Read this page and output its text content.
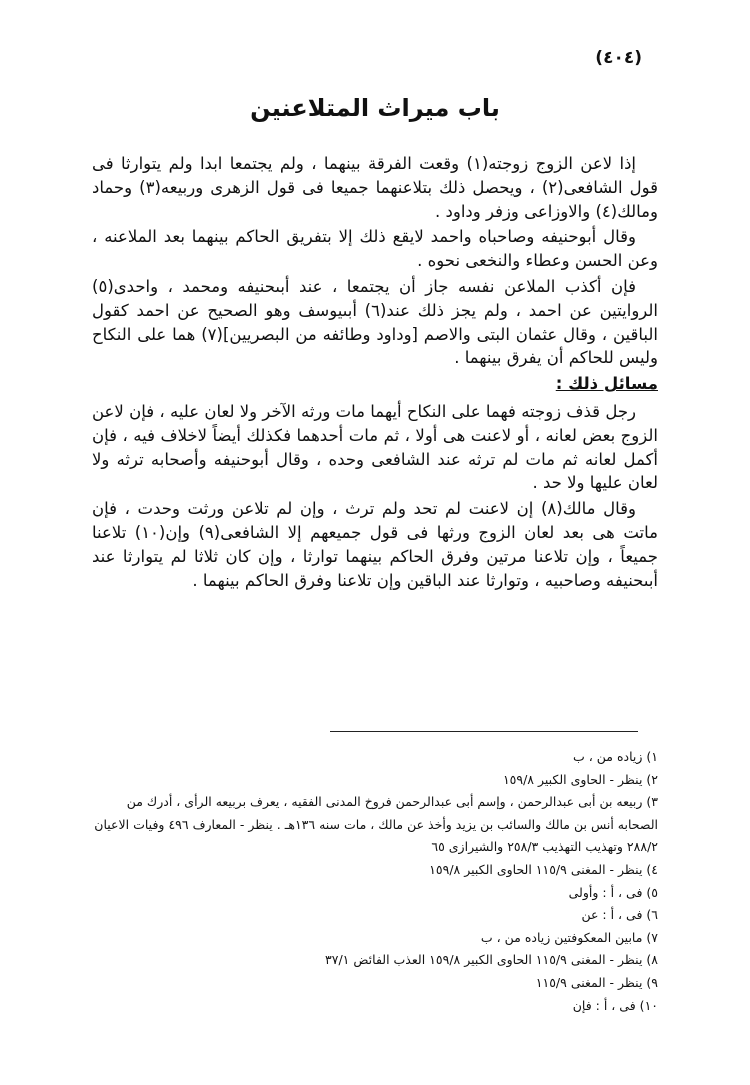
(٤٠٤)
باب ميراث المتلاعنين

إذا لاعن الزوج زوجته(١) وقعت الفرقة بينهما ، ولم يجتمعا ابدا ولم يتوارثا فى قول الشافعى(٢) ، ويحصل ذلك بتلاعنهما جميعا فى قول الزهرى وربيعه(٣) وحماد ومالك(٤) والاوزاعى وزفر وداود .

وقال أبوحنيفه وصاحباه واحمد لايقع ذلك إلا بتفريق الحاكم بينهما بعد الملاعنه ، وعن الحسن وعطاء والنخعى نحوه .

فإن أكذب الملاعن نفسه جاز أن يجتمعا ، عند أبىحنيفه ومحمد ، واحدى(٥) الروايتين عن احمد ، ولم يجز ذلك عند(٦) أبىيوسف وهو الصحيح عن احمد كقول الباقين ، وقال عثمان البتى والاصم [وداود وطائفه من البصريين](٧) هما على النكاح وليس للحاكم أن يفرق بينهما .

مسائل ذلك :

رجل قذف زوجته فهما على النكاح أيهما مات ورثه الآخر ولا لعان عليه ، فإن لاعن الزوج بعض لعانه ، أو لاعنت هى أولا ، ثم مات أحدهما فكذلك أيضاً لاخلاف فيه ، فإن أكمل لعانه ثم مات لم ترثه عند الشافعى وحده ، وقال أبوحنيفه وأصحابه ترثه ولا لعان عليها ولا حد .

وقال مالك(٨) إن لاعنت لم تحد ولم ترث ، وإن لم تلاعن ورثت وحدت ، فإن ماتت هى بعد لعان الزوج ورثها فى قول جميعهم إلا الشافعى(٩) وإن(١٠) تلاعنا جميعاً ، وإن تلاعنا مرتين وفرق الحاكم بينهما توارثا ، وإن كان ثلاثا لم يتوارثا عند أبىحنيفه وصاحبيه ، وتوارثا عند الباقين وإن تلاعنا وفرق الحاكم بينهما .

١) زياده من ، ب
٢) ينظر - الحاوى الكبير ١٥٩/٨
٣) ربيعه بن أبى عبدالرحمن ، وإسم أبى عبدالرحمن فروخ المدنى الفقيه ، يعرف بربيعه الرأى ، أدرك من الصحابه أنس بن مالك والسائب بن يزيد وأخذ عن مالك ، مات سنه ١٣٦هـ . ينظر - المعارف ٤٩٦ وفيات الاعيان ٢٨٨/٢ وتهذيب التهذيب ٢٥٨/٣ والشيرازى ٦٥
٤) ينظر - المغنى ١١٥/٩ الحاوى الكبير ١٥٩/٨
٥) فى ، أ : وأولى
٦) فى ، أ : عن
٧) مابين المعكوفتين زياده من ، ب
٨) ينظر - المغنى ١١٥/٩ الحاوى الكبير ١٥٩/٨ العذب الفائض ٣٧/١
٩) ينظر - المغنى ١١٥/٩
١٠) فى ، أ : فإن
